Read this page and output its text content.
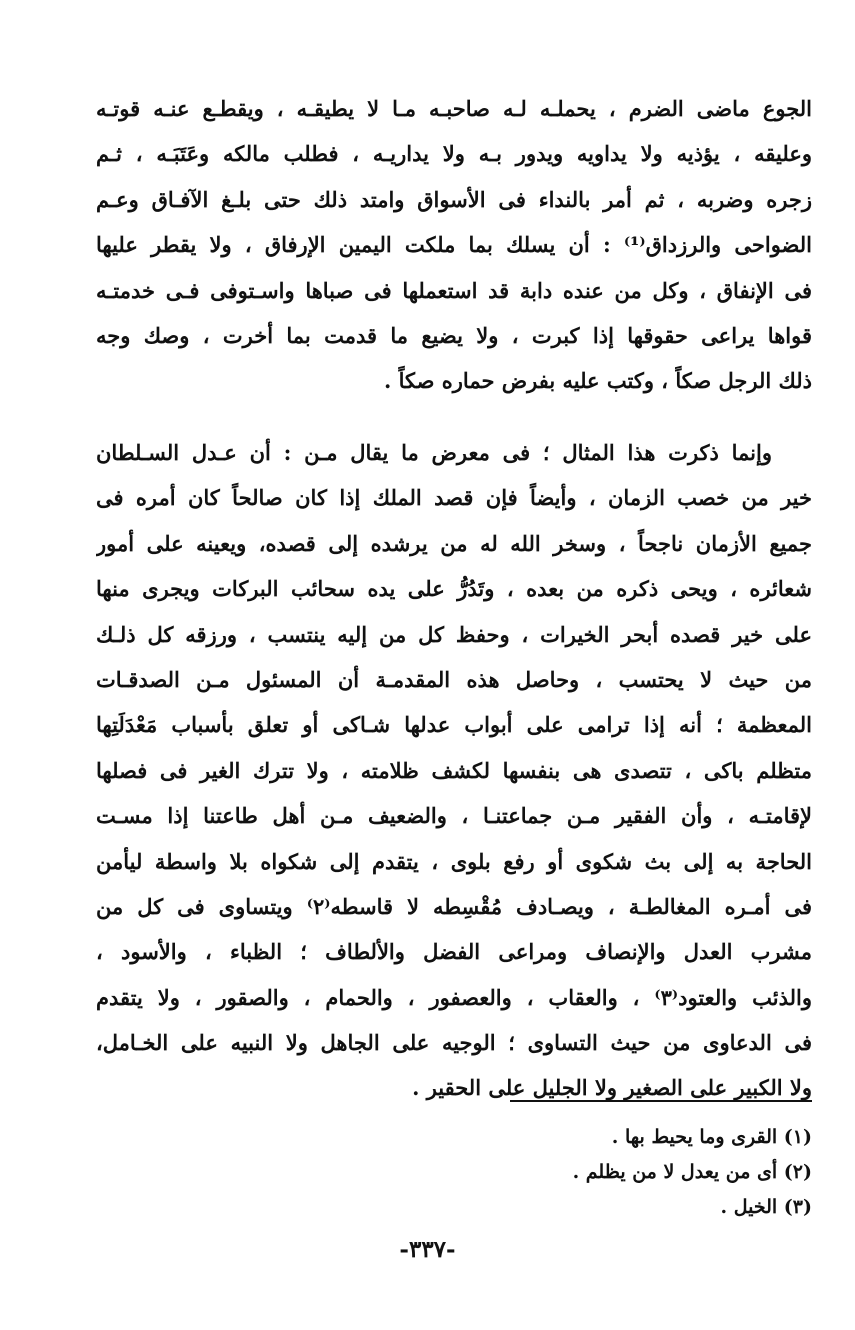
الجوع ماضى الضرم ، يحملـه لـه صاحبـه مـا لا يطيقـه ، ويقطـع عنـه قوتـه
وعليقه ، يؤذيه ولا يداويه ويدور بـه ولا يداريـه ، فطلب مالكه وعَتَبَـه ، ثـم
زجره وضربه ، ثم أمر بالنداء فى الأسواق وامتد ذلك حتى بلـغ الآفـاق وعـم
الضواحى والرزداق⁽¹⁾ : أن يسلك بما ملكت اليمين الإرفاق ، ولا يقطر عليها
فى الإنفاق ، وكل من عنده دابة قد استعملها فى صباها واسـتوفى فـى خدمتـه
قواها يراعى حقوقها إذا كبرت ، ولا يضيع ما قدمت بما أخرت ، وصك وجه
ذلك الرجل صكاً ، وكتب عليه بفرض حماره صكاً .
وإنما ذكرت هذا المثال ؛ فى معرض ما يقال مـن : أن عـدل السـلطان
خير من خصب الزمان ، وأيضاً فإن قصد الملك إذا كان صالحاً كان أمره فى
جميع الأزمان ناجحاً ، وسخر الله له من يرشده إلى قصده، ويعينه على أمور
شعائره ، ويحى ذكره من بعده ، وتَدُرُّ على يده سحائب البركات ويجرى منها
على خير قصده أبحر الخيرات ، وحفظ كل من إليه ينتسب ، ورزقه كل ذلـك
من حيث لا يحتسب ، وحاصل هذه المقدمـة أن المسئول مـن الصدقـات
المعظمة ؛ أنه إذا ترامى على أبواب عدلها شـاكى أو تعلق بأسباب مَعْدَلَتِها
متظلم باكى ، تتصدى هى بنفسها لكشف ظلامته ، ولا تترك الغير فى فصلها
لإقامتـه ، وأن الفقير مـن جماعتنـا ، والضعيف مـن أهل طاعتنا إذا مسـت
الحاجة به إلى بث شكوى أو رفع بلوى ، يتقدم إلى شكواه بلا واسطة ليأمن
فى أمـره المغالطـة ، ويصـادف مُقْسِطه لا قاسطه⁽٢⁾ ويتساوى فى كل من
مشرب العدل والإنصاف ومراعى الفضل والألطاف ؛ الظباء ، والأسود ،
والذئب والعتود⁽٣⁾ ، والعقاب ، والعصفور ، والحمام ، والصقور ، ولا يتقدم
فى الدعاوى من حيث التساوى ؛ الوجيه على الجاهل ولا النبيه على الخـامل،
ولا الكبير على الصغير ولا الجليل على الحقير .
(١) القرى وما يحيط بها .
(٢) أى من يعدل لا من يظلم .
(٣) الخيل .
-٣٣٧-
